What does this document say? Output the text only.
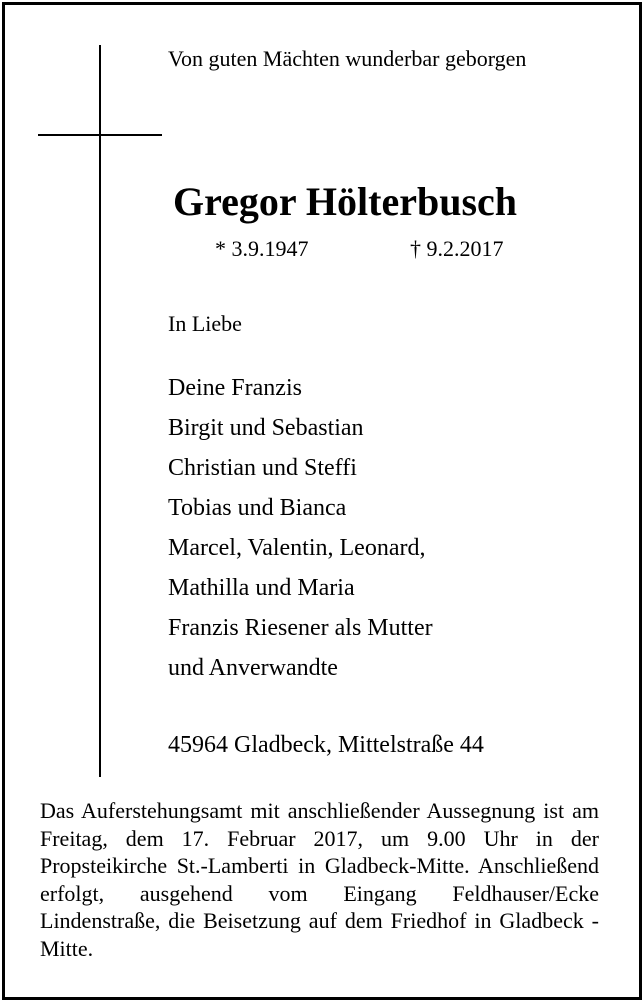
Von guten Mächten wunderbar geborgen
Gregor Hölterbusch
* 3.9.1947	† 9.2.2017
In Liebe
Deine Franzis
Birgit und Sebastian
Christian und Steffi
Tobias und Bianca
Marcel, Valentin, Leonard,
Mathilla und Maria
Franzis Riesener als Mutter
und Anverwandte
45964 Gladbeck, Mittelstraße 44

Das Auferstehungsamt mit anschließender Aussegnung ist am Freitag, dem 17. Februar 2017, um 9.00 Uhr in der Propsteikirche St.-Lamberti in Gladbeck-Mitte. Anschließend erfolgt, ausgehend vom Eingang Feldhauser/Ecke Lindenstraße, die Beisetzung auf dem Friedhof in Gladbeck - Mitte.
